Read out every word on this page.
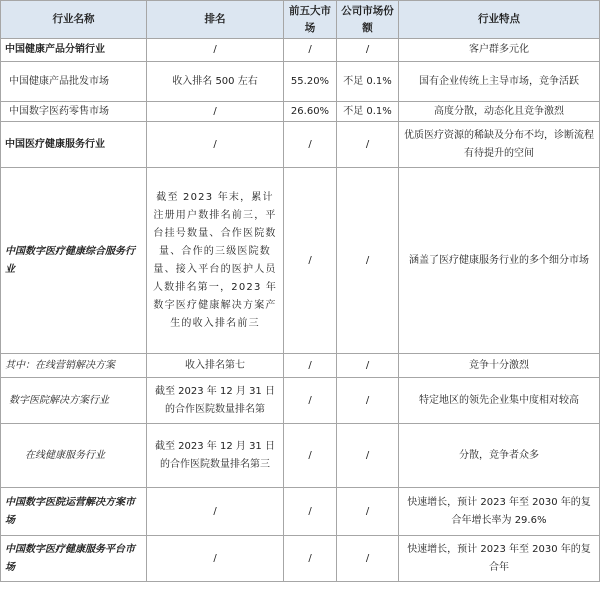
行业名称	排名	前五大市场	公司市场份额	行业特点
中国健康产品分销行业	/	/	/	客户群多元化
中国健康产品批发市场	收入排名 500 左右	55.20%	不足 0.1%	国有企业传统上主导市场，竞争活跃
中国数字医药零售市场	/	26.60%	不足 0.1%	高度分散，动态化且竞争激烈
中国医疗健康服务行业	/	/	/	优质医疗资源的稀缺及分布不均，诊断流程有待提升的空间
中国数字医疗健康综合服务行业	截至 2023 年末，累计注册用户数排名前三，平台挂号数量、合作医院数量、合作的三级医院数量、接入平台的医护人员人数排名第一，2023 年数字医疗健康解决方案产生的收入排名前三	/	/	涵盖了医疗健康服务行业的多个细分市场
其中：在线营销解决方案	收入排名第七	/	/	竞争十分激烈
数字医院解决方案行业	截至 2023 年 12 月 31 日的合作医院数量排名第	/	/	特定地区的领先企业集中度相对较高
在线健康服务行业	截至 2023 年 12 月 31 日的合作医院数量排名第三	/	/	分散，竞争者众多
中国数字医院运营解决方案市场	/	/	/	快速增长，预计 2023 年至 2030 年的复合年增长率为 29.6%
中国数字医疗健康服务平台市场	/	/	/	快速增长，预计 2023 年至 2030 年的复合年
